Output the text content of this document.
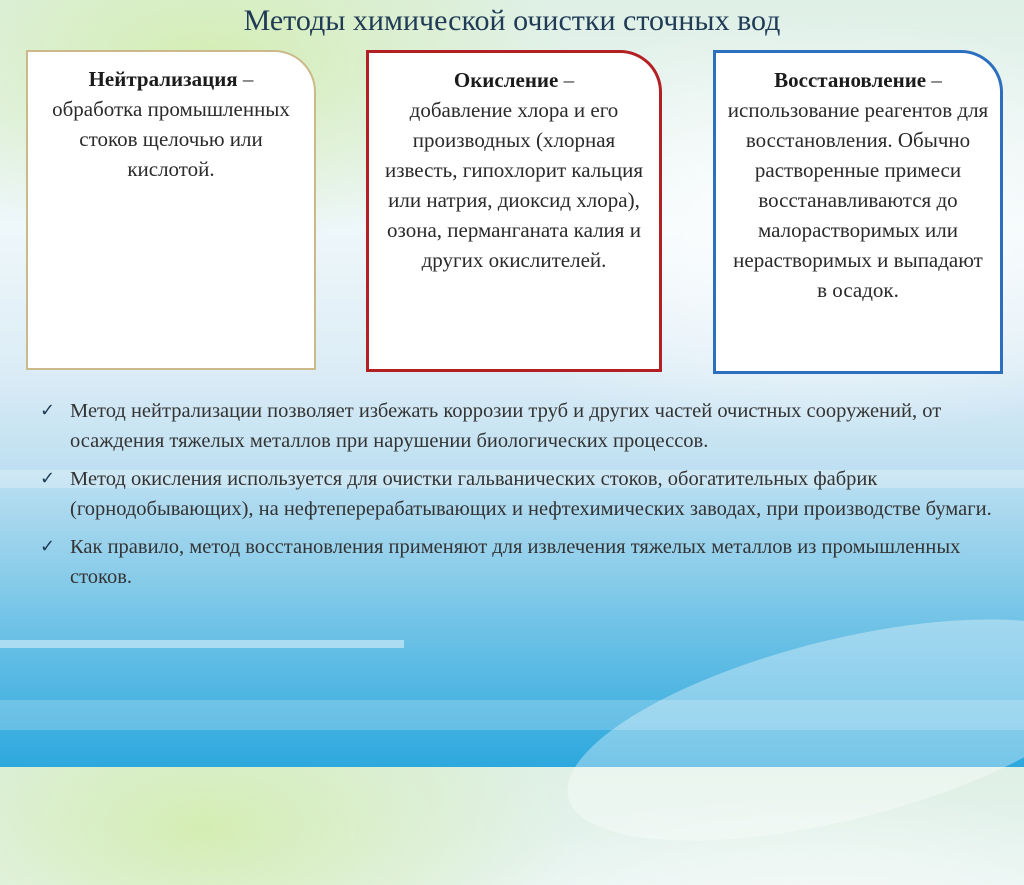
Методы химической очистки сточных вод
Нейтрализация –
обработка промышленных стоков щелочью или кислотой.
Окисление –
добавление хлора и его производных (хлорная известь, гипохлорит кальция или натрия, диоксид хлора), озона, перманганата калия и других окислителей.
Восстановление –
использование реагентов для восстановления. Обычно растворенные примеси восстанавливаются до малорастворимых или нерастворимых и выпадают в осадок.
✓ Метод нейтрализации позволяет избежать коррозии труб и других частей очистных сооружений, от осаждения тяжелых металлов при нарушении биологических процессов.
✓ Метод окисления используется для очистки гальванических стоков, обогатительных фабрик (горнодобывающих), на нефтеперерабатывающих и нефтехимических заводах, при производстве бумаги.
✓ Как правило, метод восстановления применяют для извлечения тяжелых металлов из промышленных стоков.
